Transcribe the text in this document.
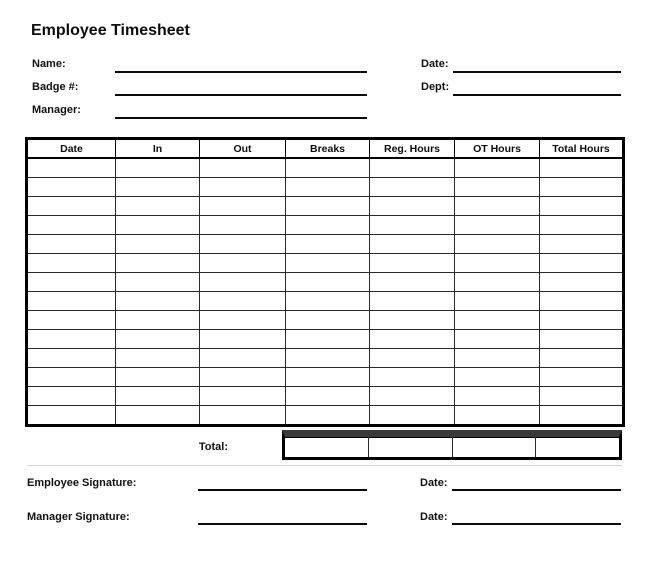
Employee Timesheet
Name:
Badge #:
Manager:
Date:
Dept:
Date	In	Out	Breaks	Reg. Hours	OT Hours	Total Hours

Total:
Employee Signature:	Date:
Manager Signature:	Date:
